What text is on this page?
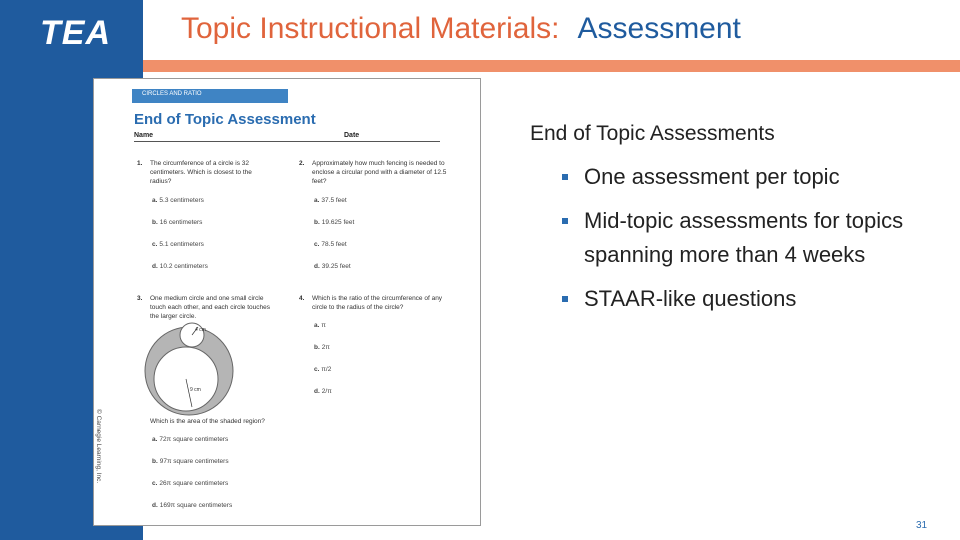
TEA Topic Instructional Materials: Assessment
CIRCLES AND RATIO
End of Topic Assessment
Name	Date
1. The circumference of a circle is 32 centimeters. Which is closest to the radius?
a. 5.3 centimeters
b. 16 centimeters
c. 5.1 centimeters
d. 10.2 centimeters
2. Approximately how much fencing is needed to enclose a circular pond with a diameter of 12.5 feet?
a. 37.5 feet
b. 19.625 feet
c. 78.5 feet
d. 39.25 feet
3. One medium circle and one small circle touch each other, and each circle touches the larger circle.
4 cm
9 cm
Which is the area of the shaded region?
a. 72π square centimeters
b. 97π square centimeters
c. 26π square centimeters
d. 169π square centimeters
4. Which is the ratio of the circumference of any circle to the radius of the circle?
a. π
b. 2π
c. π/2
d. 2/π
© Carnegie Learning, Inc.
End of Topic Assessments
One assessment per topic
Mid-topic assessments for topics spanning more than 4 weeks
STAAR-like questions
31
